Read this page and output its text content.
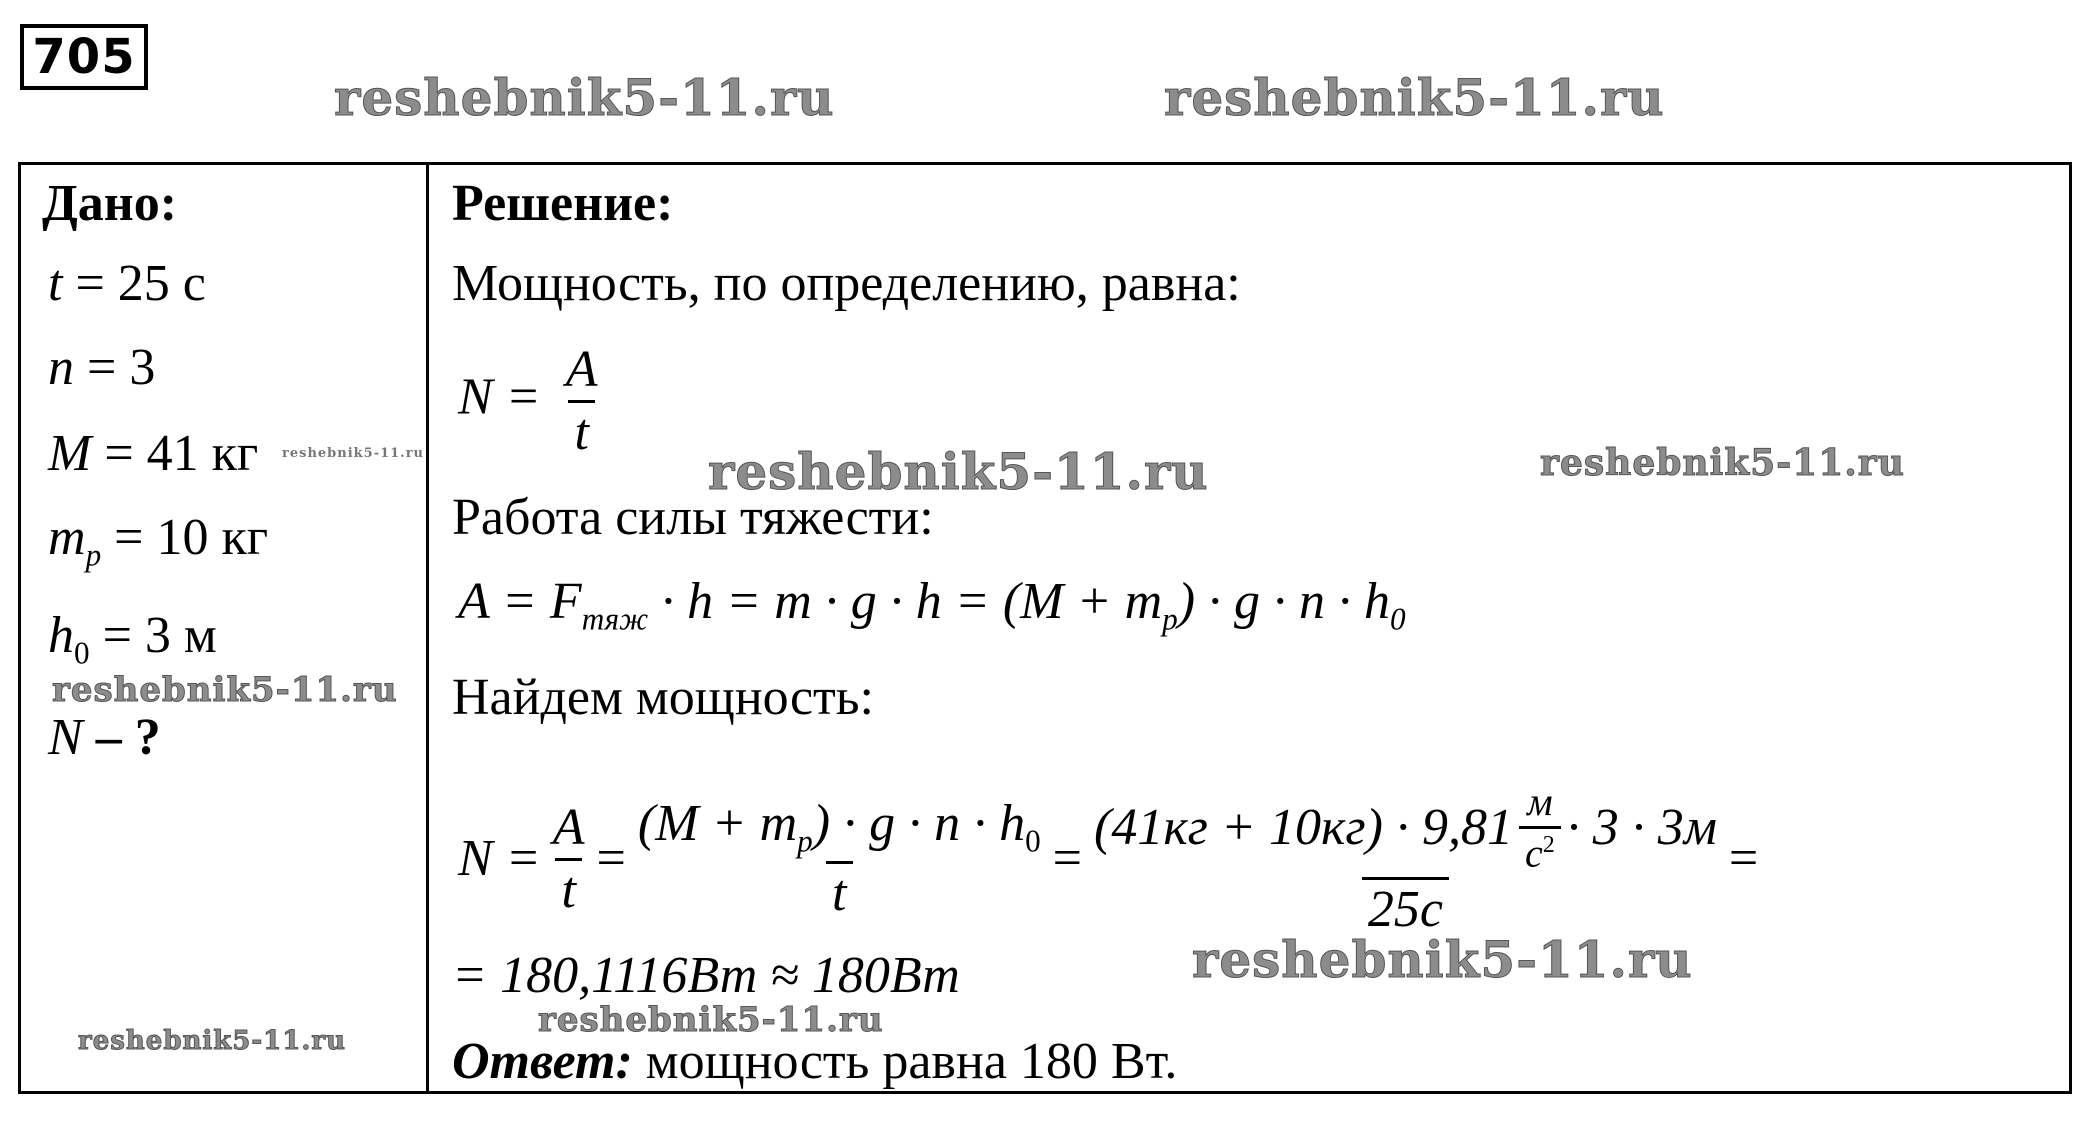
705
reshebnik5-11.ru	reshebnik5-11.ru
Дано:
t = 25 с
n = 3
M = 41 кг reshebnik5-11.ru
$m_p = 10$ кг
$h_0 = 3$ м
reshebnik5-11.ru
N – ?
reshebnik5-11.ru
Решение:
Мощность, по определению, равна:
$N = \frac{A}{t}$
reshebnik5-11.ru	reshebnik5-11.ru
Работа силы тяжести:
$A = F_{тяж} \cdot h = m \cdot g \cdot h = (M + m_p) \cdot g \cdot n \cdot h_0$
Найдем мощность:
$N = \frac{A}{t} = \frac{(M + m_p) \cdot g \cdot n \cdot h_0}{t} = \frac{(41кг + 10кг) \cdot 9,81 \frac{м}{с^2} \cdot 3 \cdot 3м}{25с}$ =
reshebnik5-11.ru
= 180,1116Вт ≈ 180Вт
reshebnik5-11.ru
Ответ: мощность равна 180 Вт.
